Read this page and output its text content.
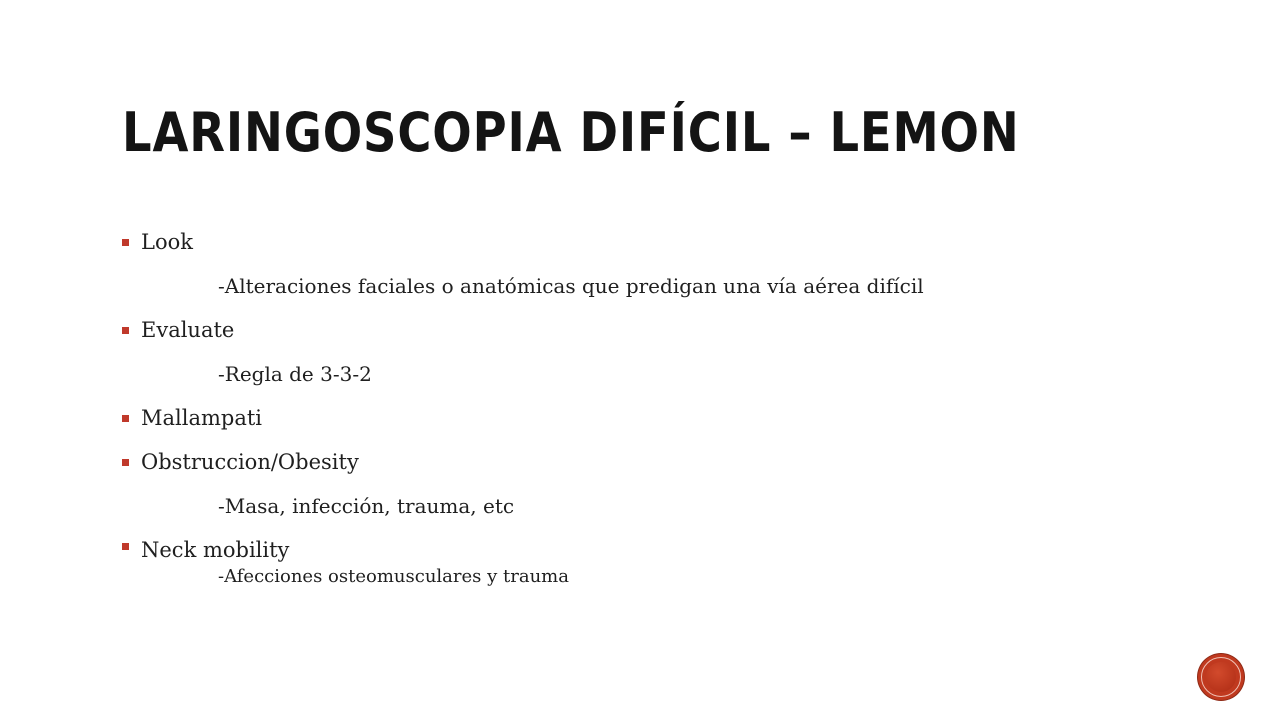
LARINGOSCOPIA DIFÍCIL – LEMON
Look
-Alteraciones faciales o anatómicas que predigan una vía aérea difícil
Evaluate
-Regla de 3-3-2
Mallampati
Obstruccion/Obesity
-Masa, infección, trauma, etc
Neck mobility
-Afecciones osteomusculares y trauma
